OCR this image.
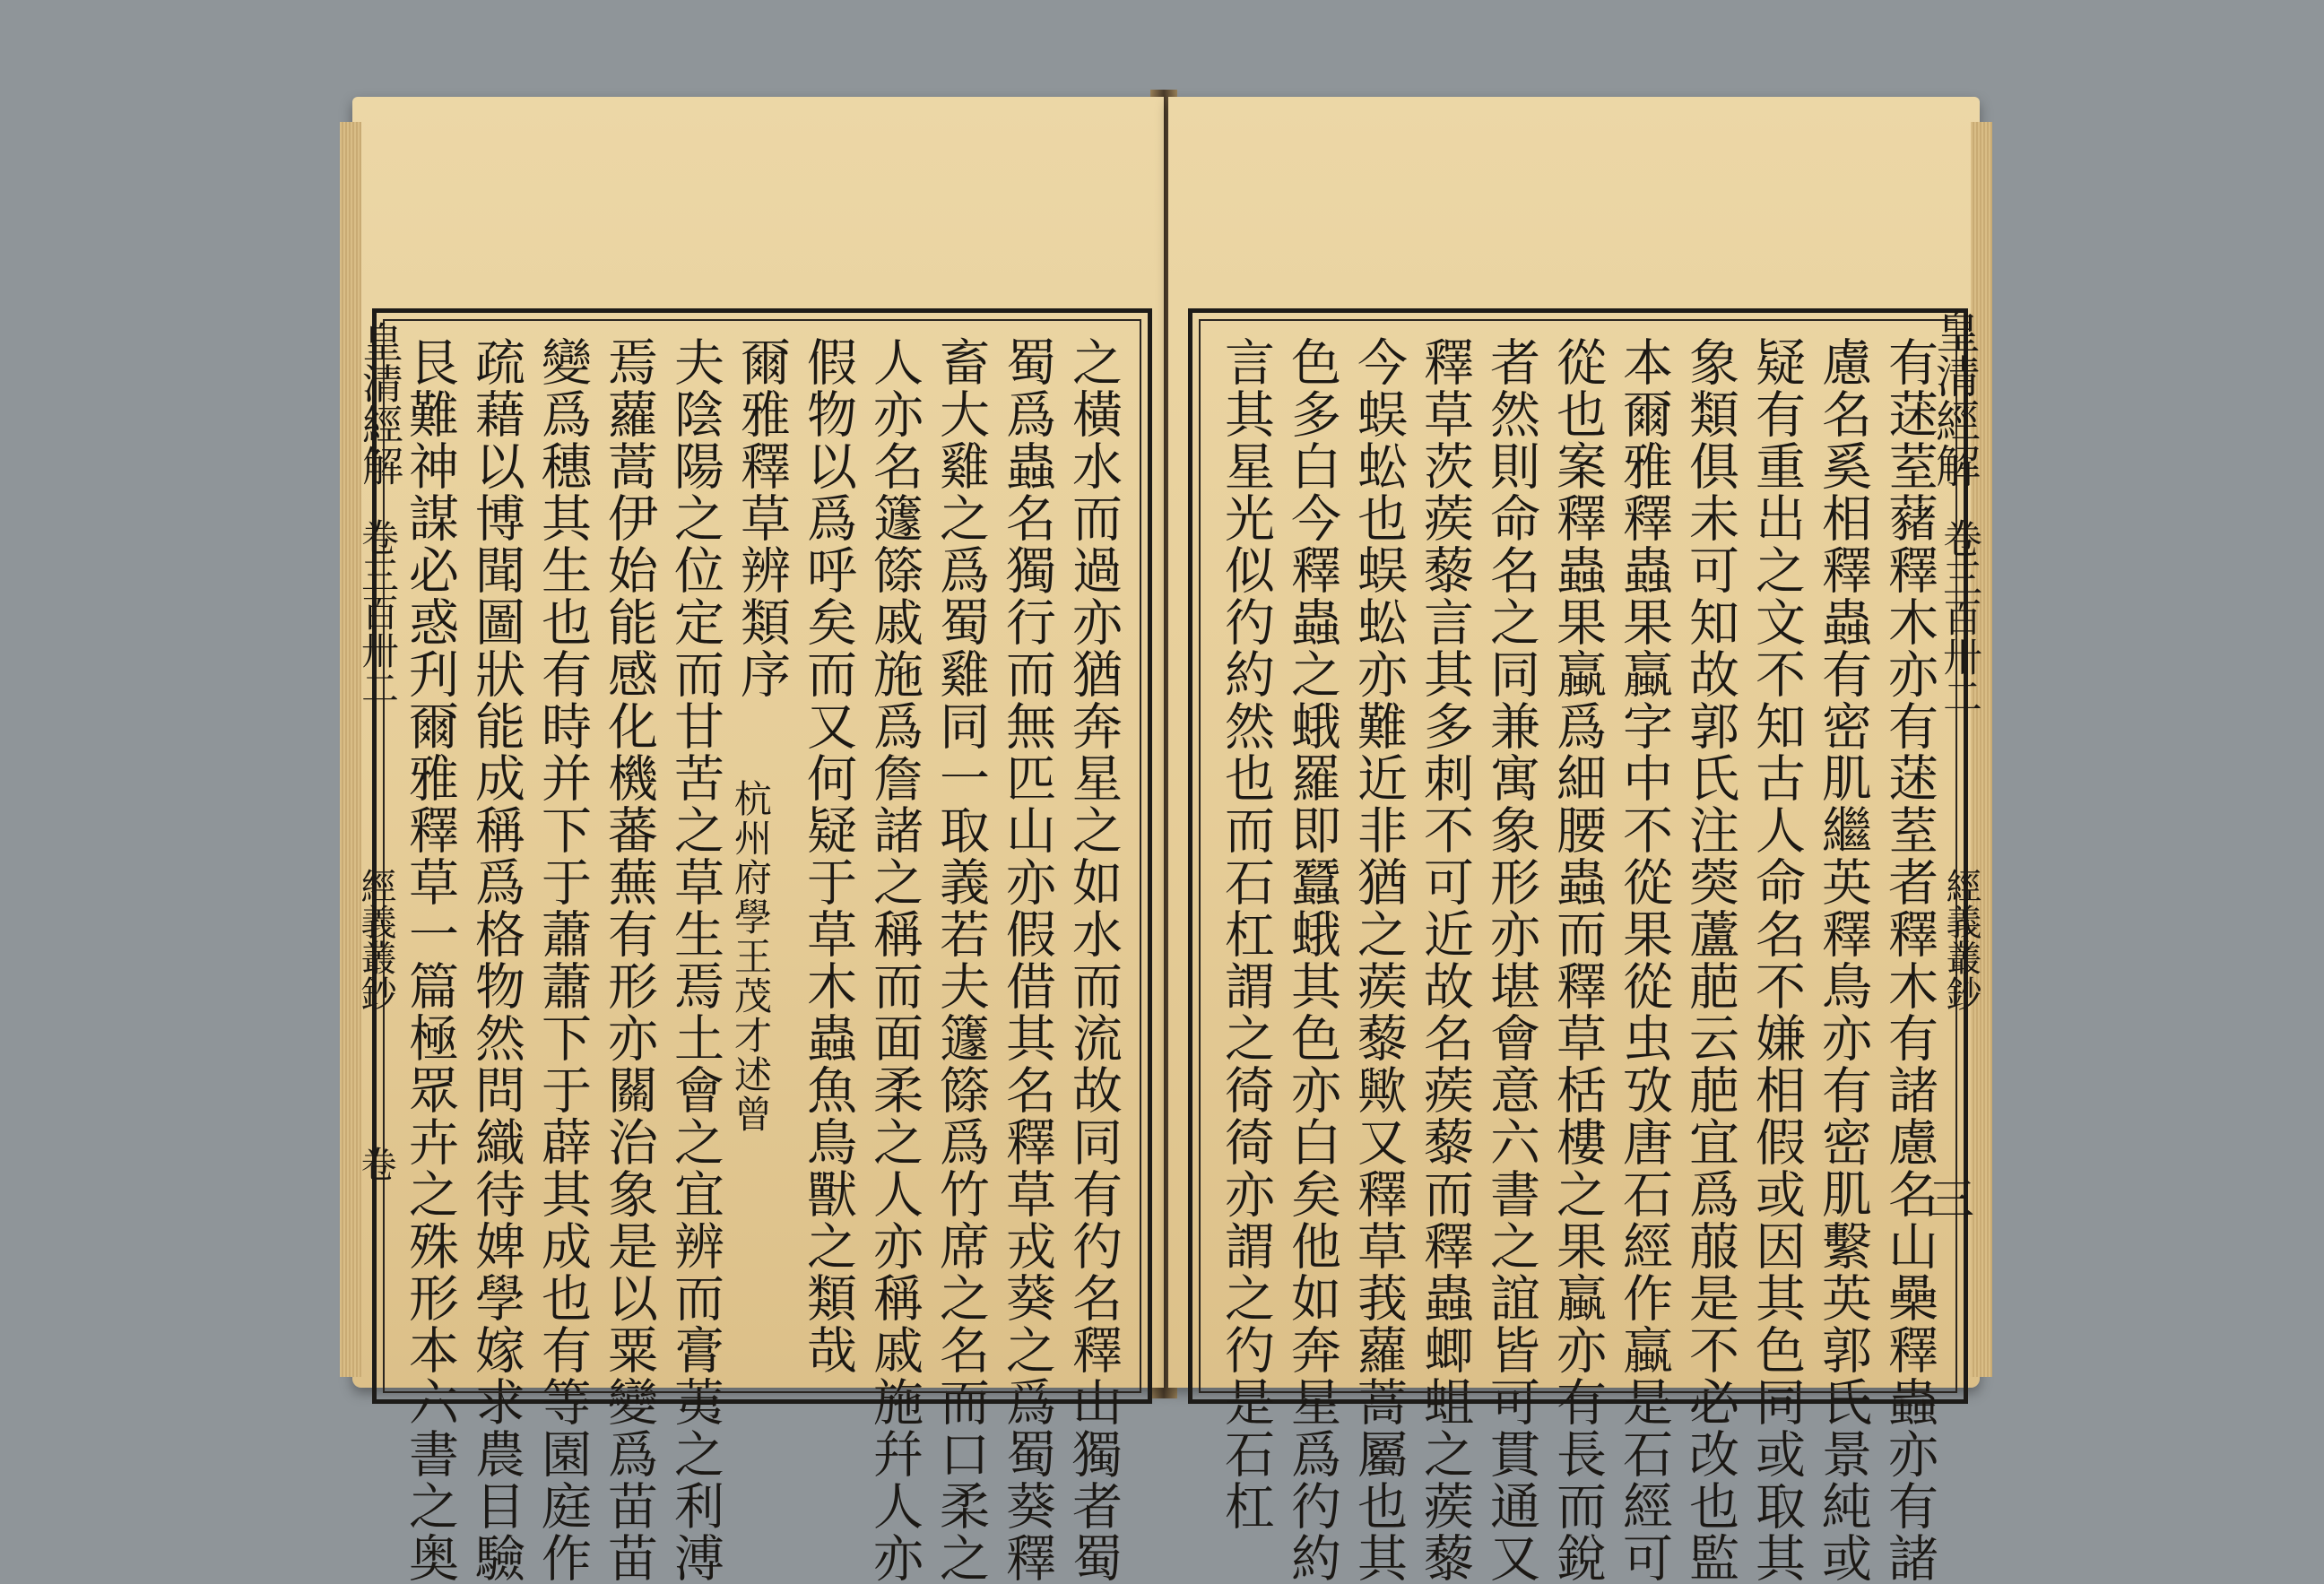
之橫水而過亦猶奔星之如水而流故同有彴名釋山獨者蜀
蜀爲蟲名獨行而無匹山亦假借其名釋草戎葵之爲蜀葵釋
畜大雞之爲蜀雞同一取義若夫籧篨爲竹席之名而口柔之
人亦名籧篨戚施爲詹諸之稱而面柔之人亦稱戚施幷人亦
假物以爲呼矣而又何疑于草木蟲魚鳥獸之類哉
爾雅釋草辨類序
杭州府學王茂才述曾
夫陰陽之位定而甘苦之草生焉土會之宜辨而膏荑之利溥
焉蘿蒿伊始能感化機蕃蕪有形亦關治象是以粟變爲苗苗
變爲穗其生也有時并下于蕭蕭下于薜其成也有等園庭作
疏藉以博聞圖狀能成稱爲格物然問織待婢學嫁求農目驗
艮難神謀必惑刋爾雅釋草一篇極眾卉之殊形本六書之奥
皇清經解
卷三百卅二
經義叢鈔
卷	有蒁荎藸釋木亦有蒁荎者釋木有諸慮名山櫐釋蟲亦有諸
慮名奚相釋蟲有密肌繼英釋鳥亦有密肌繫英郭氏景純或
疑有重出之文不知古人命名不嫌相假或因其色同或取其
象類俱未可知故郭氏注葖蘆萉云萉宜爲菔是不必改也監
本爾雅釋蟲果蠃字中不從果從虫攷唐石經作蠃是石經可
從也案釋蟲果蠃爲細腰蟲而釋草栝樓之果蠃亦有長而銳
者然則命名之同兼寓象形亦堪會意六書之誼皆可貫通又
釋草茨蒺藜言其多刺不可近故名蒺藜而釋蟲蝍蛆之蒺藜
今蜈蚣也蜈蚣亦難近非猶之蒺藜歟又釋草莪蘿蒿屬也其
色多白今釋蟲之蛾羅即蠶蛾其色亦白矣他如奔星爲彴約
言其星光似彴約然也而石杠謂之徛徛亦謂之彴是石杠	皇清經解
卷三百卅二
經義叢鈔
三
